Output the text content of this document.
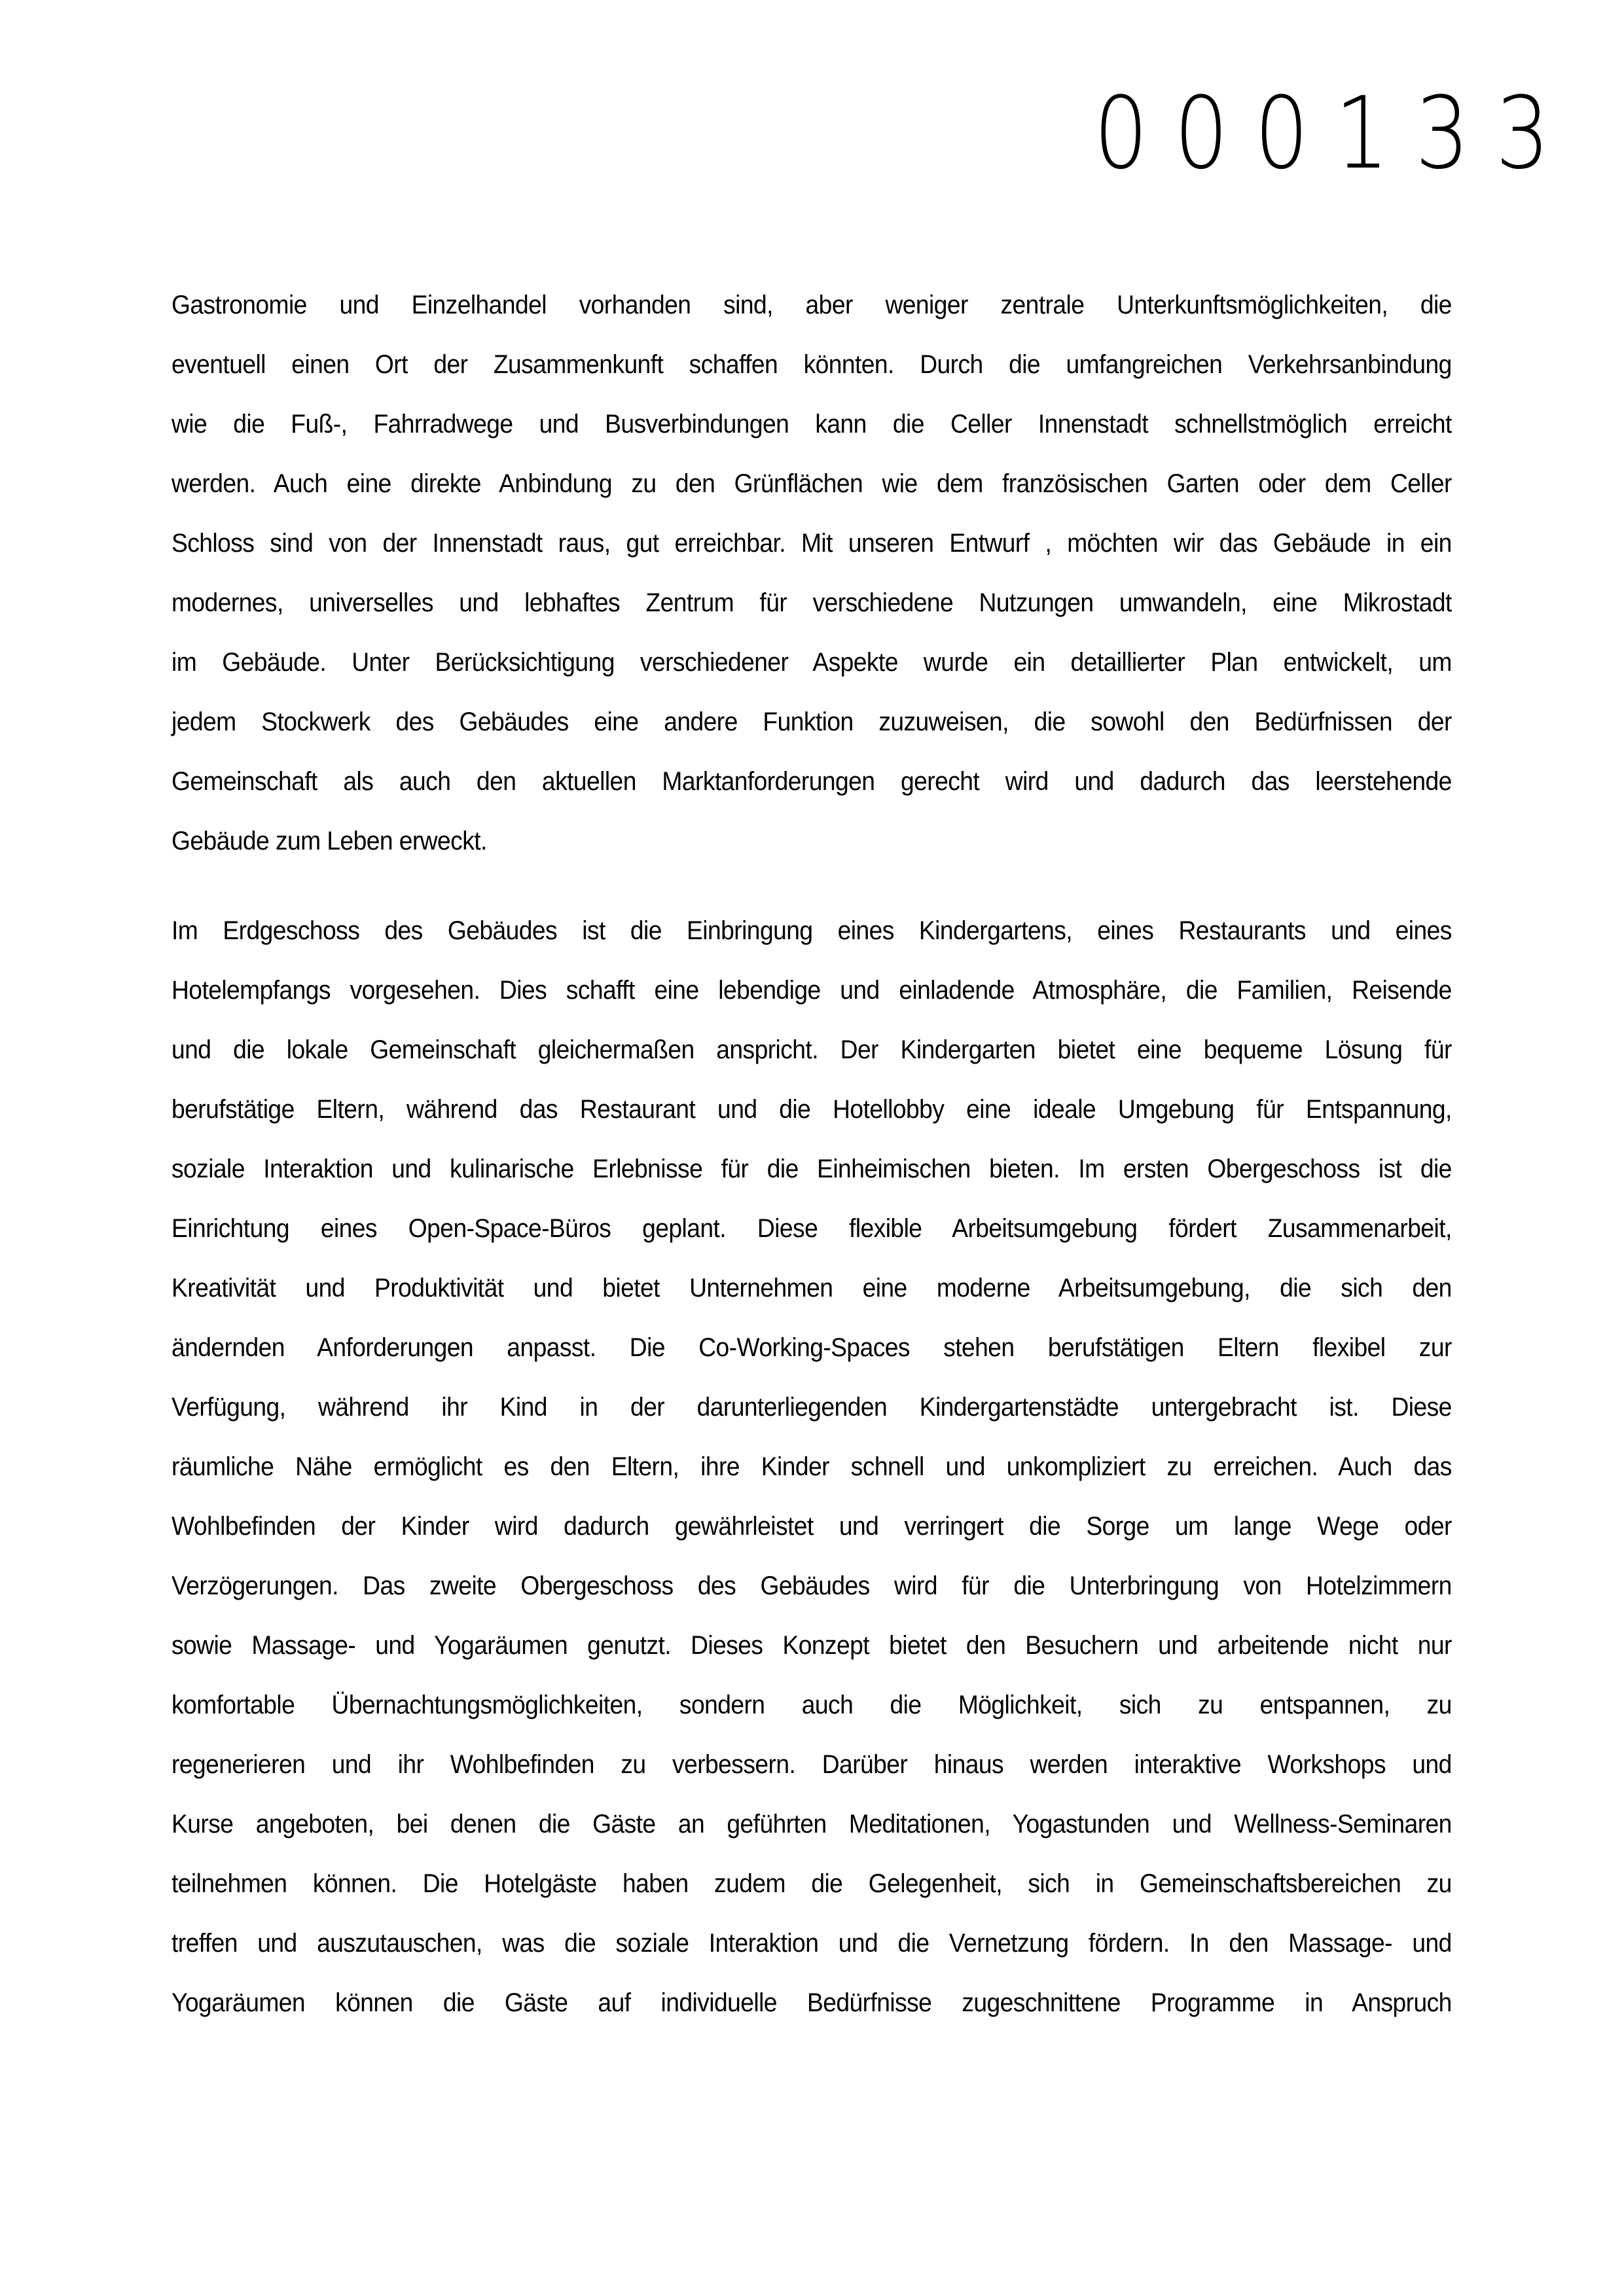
000133

Gastronomie und Einzelhandel vorhanden sind, aber weniger zentrale Unterkunftsmöglichkeiten, die
eventuell einen Ort der Zusammenkunft schaffen könnten. Durch die umfangreichen Verkehrsanbindung
wie die Fuß-, Fahrradwege und Busverbindungen kann die Celler Innenstadt schnellstmöglich erreicht
werden. Auch eine direkte Anbindung zu den Grünflächen wie dem französischen Garten oder dem Celler
Schloss sind von der Innenstadt raus, gut erreichbar. Mit unseren Entwurf , möchten wir das Gebäude in ein
modernes, universelles und lebhaftes Zentrum für verschiedene Nutzungen umwandeln, eine Mikrostadt
im Gebäude. Unter Berücksichtigung verschiedener Aspekte wurde ein detaillierter Plan entwickelt, um
jedem Stockwerk des Gebäudes eine andere Funktion zuzuweisen, die sowohl den Bedürfnissen der
Gemeinschaft als auch den aktuellen Marktanforderungen gerecht wird und dadurch das leerstehende
Gebäude zum Leben erweckt.

Im Erdgeschoss des Gebäudes ist die Einbringung eines Kindergartens, eines Restaurants und eines
Hotelempfangs vorgesehen. Dies schafft eine lebendige und einladende Atmosphäre, die Familien, Reisende
und die lokale Gemeinschaft gleichermaßen anspricht. Der Kindergarten bietet eine bequeme Lösung für
berufstätige Eltern, während das Restaurant und die Hotellobby eine ideale Umgebung für Entspannung,
soziale Interaktion und kulinarische Erlebnisse für die Einheimischen bieten. Im ersten Obergeschoss ist die
Einrichtung eines Open-Space-Büros geplant. Diese flexible Arbeitsumgebung fördert Zusammenarbeit,
Kreativität und Produktivität und bietet Unternehmen eine moderne Arbeitsumgebung, die sich den
ändernden Anforderungen anpasst. Die Co-Working-Spaces stehen berufstätigen Eltern flexibel zur
Verfügung, während ihr Kind in der darunterliegenden Kindergartenstädte untergebracht ist. Diese
räumliche Nähe ermöglicht es den Eltern, ihre Kinder schnell und unkompliziert zu erreichen. Auch das
Wohlbefinden der Kinder wird dadurch gewährleistet und verringert die Sorge um lange Wege oder
Verzögerungen. Das zweite Obergeschoss des Gebäudes wird für die Unterbringung von Hotelzimmern
sowie Massage- und Yogaräumen genutzt. Dieses Konzept bietet den Besuchern und arbeitende nicht nur
komfortable Übernachtungsmöglichkeiten, sondern auch die Möglichkeit, sich zu entspannen, zu
regenerieren und ihr Wohlbefinden zu verbessern. Darüber hinaus werden interaktive Workshops und
Kurse angeboten, bei denen die Gäste an geführten Meditationen, Yogastunden und Wellness-Seminaren
teilnehmen können. Die Hotelgäste haben zudem die Gelegenheit, sich in Gemeinschaftsbereichen zu
treffen und auszutauschen, was die soziale Interaktion und die Vernetzung fördern. In den Massage- und
Yogaräumen können die Gäste auf individuelle Bedürfnisse zugeschnittene Programme in Anspruch
